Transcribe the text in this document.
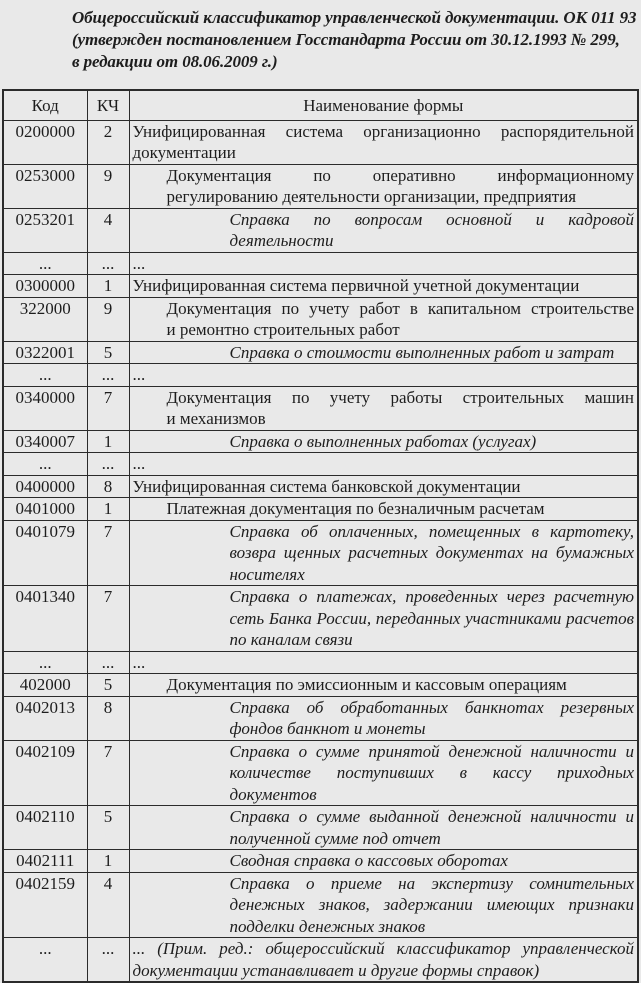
Общероссийский классификатор управленческой документации. ОК 011 93
(утвержден постановлением Госстандарта России от 30.12.1993 № 299,
в редакции от 08.06.2009 г.)
Код	КЧ	Наименование формы
0200000	2	Унифицированная система организационно распорядительной документации
0253000	9	Документация по оперативно информационному регулированию деятельности организации, предприятия
0253201	4	Справка по вопросам основной и кадровой деятельности
...	...	...
0300000	1	Унифицированная система первичной учетной документации
322000	9	Документация по учету работ в капитальном строительстве и ремонтно строительных работ
0322001	5	Справка о стоимости выполненных работ и затрат
...	...	...
0340000	7	Документация по учету работы строительных машин и механизмов
0340007	1	Справка о выполненных работах (услугах)
...	...	...
0400000	8	Унифицированная система банковской документации
0401000	1	Платежная документация по безналичным расчетам
0401079	7	Справка об оплаченных, помещенных в картотеку, возвра щенных расчетных документах на бумажных носителях
0401340	7	Справка о платежах, проведенных через расчетную сеть Банка России, переданных участниками расчетов по каналам связи
...	...	...
402000	5	Документация по эмиссионным и кассовым операциям
0402013	8	Справка об обработанных банкнотах резервных фондов банкнот и монеты
0402109	7	Справка о сумме принятой денежной наличности и количестве поступивших в кассу приходных документов
0402110	5	Справка о сумме выданной денежной наличности и полученной сумме под отчет
0402111	1	Сводная справка о кассовых оборотах
0402159	4	Справка о приеме на экспертизу сомнительных денежных знаков, задержании имеющих признаки подделки денежных знаков
...	...	... (Прим. ред.: общероссийский классификатор управленческой документации устанавливает и другие формы справок)
